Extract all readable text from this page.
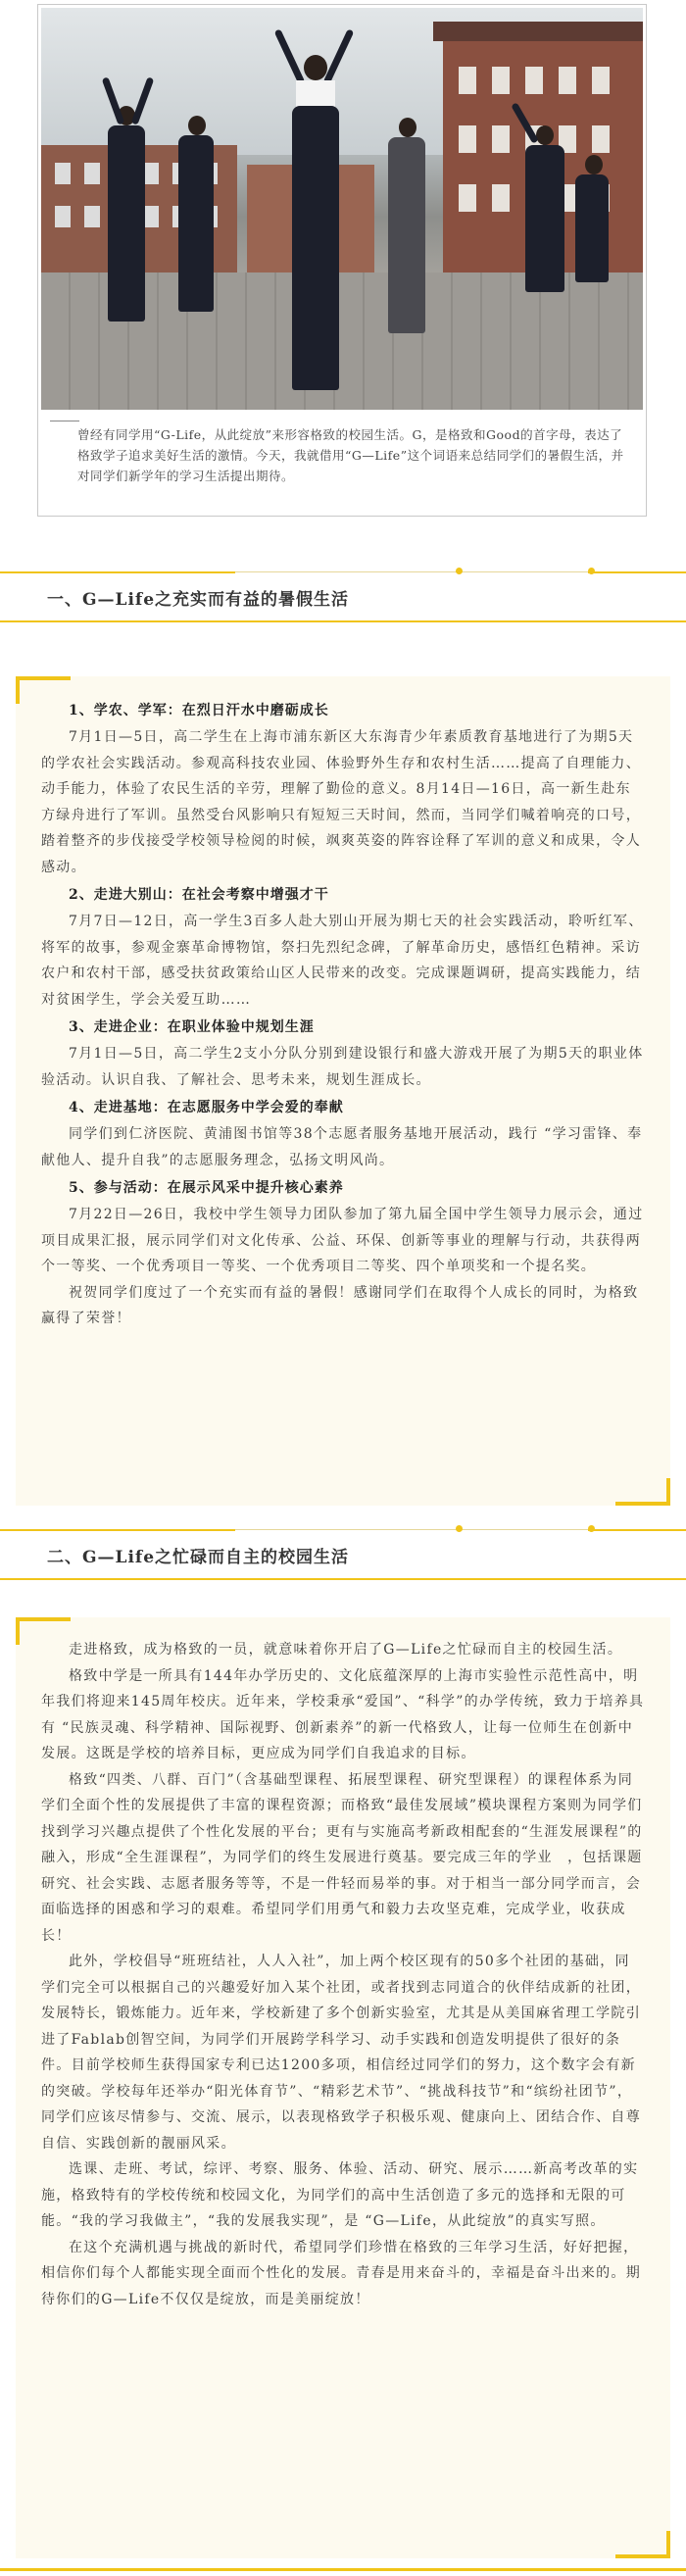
曾经有同学用“G-Life，从此绽放”来形容格致的校园生活。G，是格致和Good的首字母，表达了格致学子追求美好生活的激情。今天，我就借用“G—Life”这个词语来总结同学们的暑假生活，并对同学们新学年的学习生活提出期待。
一、G—Life之充实而有益的暑假生活
1、学农、学军：在烈日汗水中磨砺成长

7月1日—5日，高二学生在上海市浦东新区大东海青少年素质教育基地进行了为期5天的学农社会实践活动。参观高科技农业园、体验野外生存和农村生活……提高了自理能力、动手能力，体验了农民生活的辛劳，理解了勤俭的意义。8月14日—16日，高一新生赴东方绿舟进行了军训。虽然受台风影响只有短短三天时间，然而，当同学们喊着响亮的口号，踏着整齐的步伐接受学校领导检阅的时候，飒爽英姿的阵容诠释了军训的意义和成果，令人感动。

2、走进大别山：在社会考察中增强才干

7月7日—12日，高一学生3百多人赴大别山开展为期七天的社会实践活动，聆听红军、将军的故事，参观金寨革命博物馆，祭扫先烈纪念碑，了解革命历史，感悟红色精神。采访农户和农村干部，感受扶贫政策给山区人民带来的改变。完成课题调研，提高实践能力，结对贫困学生，学会关爱互助……

3、走进企业：在职业体验中规划生涯

7月1日—5日，高二学生2支小分队分别到建设银行和盛大游戏开展了为期5天的职业体验活动。认识自我、了解社会、思考未来，规划生涯成长。

4、走进基地：在志愿服务中学会爱的奉献

同学们到仁济医院、黄浦图书馆等38个志愿者服务基地开展活动，践行 “学习雷锋、奉献他人、提升自我”的志愿服务理念，弘扬文明风尚。

5、参与活动：在展示风采中提升核心素养

7月22日—26日，我校中学生领导力团队参加了第九届全国中学生领导力展示会，通过项目成果汇报，展示同学们对文化传承、公益、环保、创新等事业的理解与行动，共获得两个一等奖、一个优秀项目一等奖、一个优秀项目二等奖、四个单项奖和一个提名奖。

祝贺同学们度过了一个充实而有益的暑假！感谢同学们在取得个人成长的同时，为格致赢得了荣誉！

二、G—Life之忙碌而自主的校园生活

走进格致，成为格致的一员，就意味着你开启了G—Life之忙碌而自主的校园生活。

格致中学是一所具有144年办学历史的、文化底蕴深厚的上海市实验性示范性高中，明年我们将迎来145周年校庆。近年来，学校秉承“爱国”、“科学”的办学传统，致力于培养具有 “民族灵魂、科学精神、国际视野、创新素养”的新一代格致人，让每一位师生在创新中发展。这既是学校的培养目标，更应成为同学们自我追求的目标。

格致“四类、八群、百门”（含基础型课程、拓展型课程、研究型课程）的课程体系为同学们全面个性的发展提供了丰富的课程资源；而格致“最佳发展域”模块课程方案则为同学们找到学习兴趣点提供了个性化发展的平台；更有与实施高考新政相配套的“生涯发展课程”的融入，形成“全生涯课程”，为同学们的终生发展进行奠基。要完成三年的学业　，包括课题研究、社会实践、志愿者服务等等，不是一件轻而易举的事。对于相当一部分同学而言，会面临选择的困惑和学习的艰难。希望同学们用勇气和毅力去攻坚克难，完成学业，收获成长！

此外，学校倡导“班班结社，人人入社”，加上两个校区现有的50多个社团的基础，同学们完全可以根据自己的兴趣爱好加入某个社团，或者找到志同道合的伙伴结成新的社团，发展特长，锻炼能力。近年来，学校新建了多个创新实验室，尤其是从美国麻省理工学院引进了Fablab创智空间，为同学们开展跨学科学习、动手实践和创造发明提供了很好的条件。目前学校师生获得国家专利已达1200多项，相信经过同学们的努力，这个数字会有新的突破。学校每年还举办“阳光体育节”、“精彩艺术节”、“挑战科技节”和“缤纷社团节”，同学们应该尽情参与、交流、展示，以表现格致学子积极乐观、健康向上、团结合作、自尊自信、实践创新的靓丽风采。

选课、走班、考试，综评、考察、服务、体验、活动、研究、展示……新高考改革的实施，格致特有的学校传统和校园文化，为同学们的高中生活创造了多元的选择和无限的可能。“我的学习我做主”，“我的发展我实现”，是 “G—Life，从此绽放”的真实写照。

在这个充满机遇与挑战的新时代，希望同学们珍惜在格致的三年学习生活，好好把握，相信你们每个人都能实现全面而个性化的发展。青春是用来奋斗的，幸福是奋斗出来的。期待你们的G—Life不仅仅是绽放，而是美丽绽放！
